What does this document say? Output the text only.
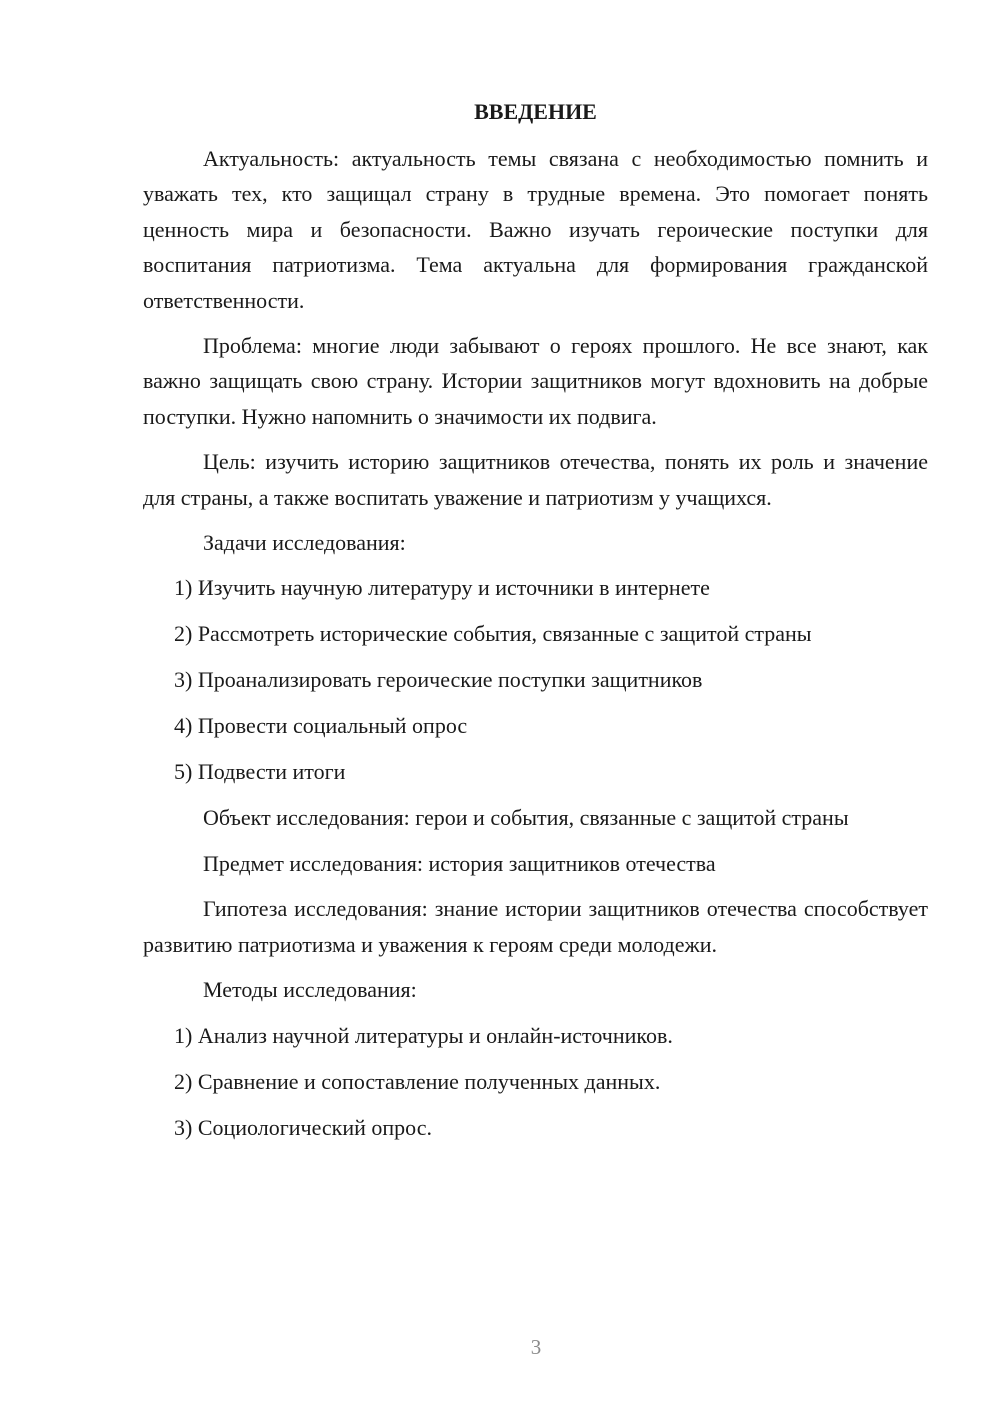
ВВЕДЕНИЕ

Актуальность: актуальность темы связана с необходимостью помнить и уважать тех, кто защищал страну в трудные времена. Это помогает понять ценность мира и безопасности. Важно изучать героические поступки для воспитания патриотизма. Тема актуальна для формирования гражданской ответственности.

Проблема: многие люди забывают о героях прошлого. Не все знают, как важно защищать свою страну. Истории защитников могут вдохновить на добрые поступки. Нужно напомнить о значимости их подвига.

Цель: изучить историю защитников отечества, понять их роль и значение для страны, а также воспитать уважение и патриотизм у учащихся.

Задачи исследования:
1) Изучить научную литературу и источники в интернете
2) Рассмотреть исторические события, связанные с защитой страны
3) Проанализировать героические поступки защитников
4) Провести социальный опрос
5) Подвести итоги

Объект исследования: герои и события, связанные с защитой страны

Предмет исследования: история защитников отечества

Гипотеза исследования: знание истории защитников отечества способствует развитию патриотизма и уважения к героям среди молодежи.

Методы исследования:
1) Анализ научной литературы и онлайн-источников.
2) Сравнение и сопоставление полученных данных.
3) Социологический опрос.
3
